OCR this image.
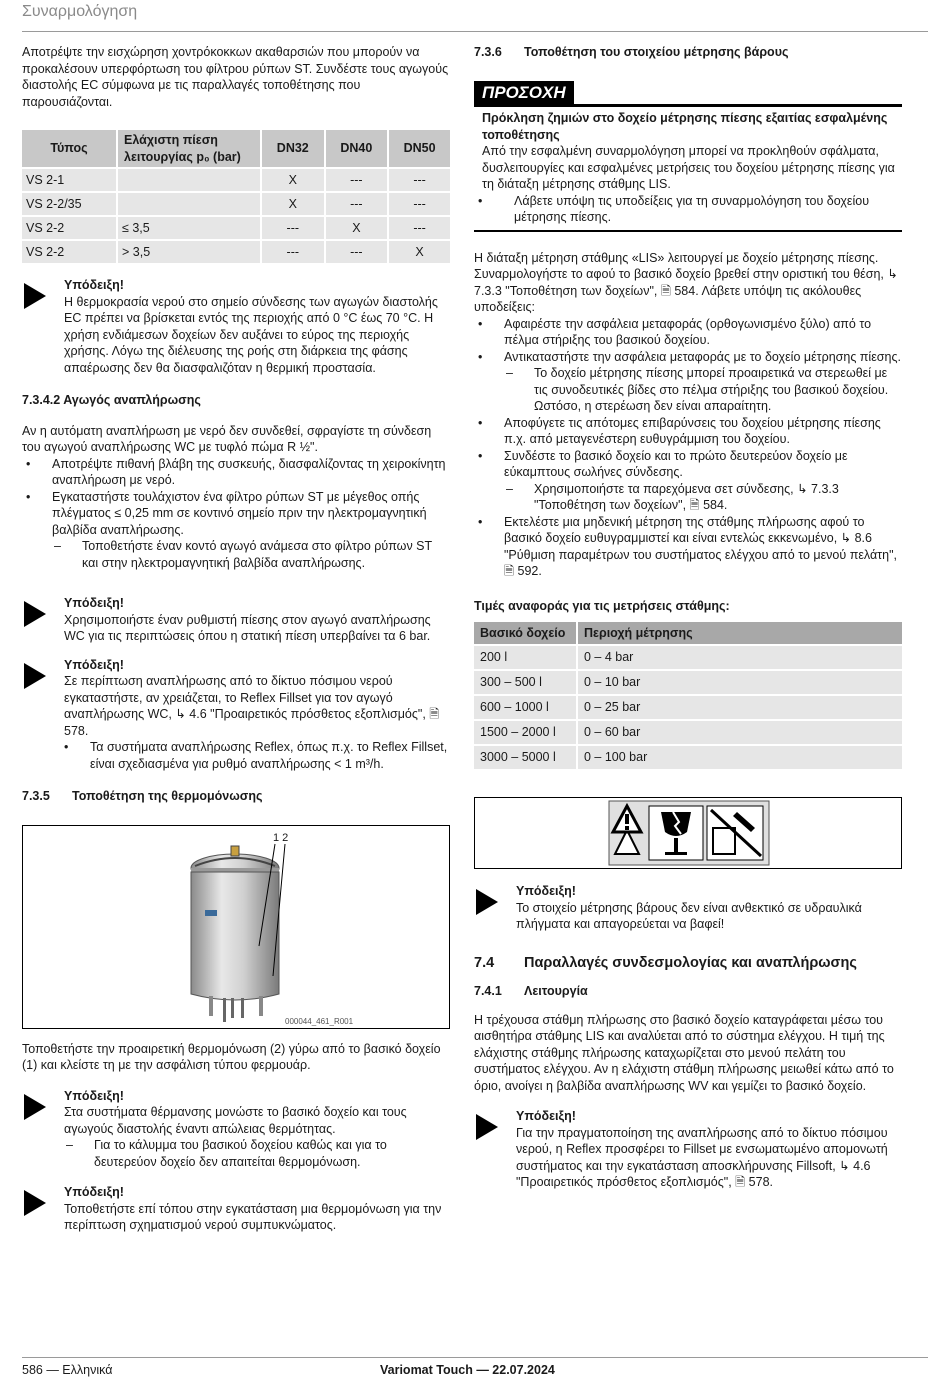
Συναρμολόγηση

Αποτρέψτε την εισχώρηση χοντρόκοκκων ακαθαρσιών που μπορούν να προκαλέσουν υπερφόρτωση του φίλτρου ρύπων ST. Συνδέστε τους αγωγούς διαστολής EC σύμφωνα με τις παραλλαγές τοποθέτησης που παρουσιάζονται.

Τύπος	Ελάχιστη πίεση λειτουργίας p₀ (bar)	DN32	DN40	DN50
VS 2-1		X	---	---
VS 2-2/35		X	---	---
VS 2-2	≤ 3,5	---	X	---
VS 2-2	> 3,5	---	---	X

Υπόδειξη!

Η θερμοκρασία νερού στο σημείο σύνδεσης των αγωγών διαστολής EC πρέπει να βρίσκεται εντός της περιοχής από 0 °C έως 70 °C. Η χρήση ενδιάμεσων δοχείων δεν αυξάνει το εύρος της περιοχής χρήσης. Λόγω της διέλευσης της ροής στη διάρκεια της φάσης απαέρωσης δεν θα διασφαλιζόταν η θερμική προστασία.

7.3.4.2 Αγωγός αναπλήρωσης

Αν η αυτόματη αναπλήρωση με νερό δεν συνδεθεί, σφραγίστε τη σύνδεση του αγωγού αναπλήρωσης WC με τυφλό πώμα R ½".

• Αποτρέψτε πιθανή βλάβη της συσκευής, διασφαλίζοντας τη χειροκίνητη αναπλήρωση με νερό.

• Εγκαταστήστε τουλάχιστον ένα φίλτρο ρύπων ST με μέγεθος οπής πλέγματος ≤ 0,25 mm σε κοντινό σημείο πριν την ηλεκτρομαγνητική βαλβίδα αναπλήρωσης.

– Τοποθετήστε έναν κοντό αγωγό ανάμεσα στο φίλτρο ρύπων ST και στην ηλεκτρομαγνητική βαλβίδα αναπλήρωσης.

Υπόδειξη!

Χρησιμοποιήστε έναν ρυθμιστή πίεσης στον αγωγό αναπλήρωσης WC για τις περιπτώσεις όπου η στατική πίεση υπερβαίνει τα 6 bar.

Υπόδειξη!

Σε περίπτωση αναπλήρωσης από το δίκτυο πόσιμου νερού εγκαταστήστε, αν χρειάζεται, το Reflex Fillset για τον αγωγό αναπλήρωσης WC, ↳ 4.6 "Προαιρετικός πρόσθετος εξοπλισμός", 🗎 578.

• Τα συστήματα αναπλήρωσης Reflex, όπως π.χ. το Reflex Fillset, είναι σχεδιασμένα για ρυθμό αναπλήρωσης < 1 m³/h.

7.3.5 Τοποθέτηση της θερμομόνωσης

1 2
000044_461_R001

Τοποθετήστε την προαιρετική θερμομόνωση (2) γύρω από το βασικό δοχείο (1) και κλείστε τη με την ασφάλιση τύπου φερμουάρ.

Υπόδειξη!

Στα συστήματα θέρμανσης μονώστε το βασικό δοχείο και τους αγωγούς διαστολής έναντι απώλειας θερμότητας.

– Για το κάλυμμα του βασικού δοχείου καθώς και για το δευτερεύον δοχείο δεν απαιτείται θερμομόνωση.

Υπόδειξη!

Τοποθετήστε επί τόπου στην εγκατάσταση μια θερμομόνωση για την περίπτωση σχηματισμού νερού συμπυκνώματος.

7.3.6 Τοποθέτηση του στοιχείου μέτρησης βάρους

ΠΡΟΣΟΧΗ

Πρόκληση ζημιών στο δοχείο μέτρησης πίεσης εξαιτίας εσφαλμένης τοποθέτησης

Από την εσφαλμένη συναρμολόγηση μπορεί να προκληθούν σφάλματα, δυσλειτουργίες και εσφαλμένες μετρήσεις του δοχείου μέτρησης πίεσης για τη διάταξη μέτρησης στάθμης LIS.

• Λάβετε υπόψη τις υποδείξεις για τη συναρμολόγηση του δοχείου μέτρησης πίεσης.

Η διάταξη μέτρηση στάθμης «LIS» λειτουργεί με δοχείο μέτρησης πίεσης. Συναρμολογήστε το αφού το βασικό δοχείο βρεθεί στην οριστική του θέση, ↳ 7.3.3 "Τοποθέτηση των δοχείων", 🗎 584. Λάβετε υπόψη τις ακόλουθες υποδείξεις:

• Αφαιρέστε την ασφάλεια μεταφοράς (ορθογωνισμένο ξύλο) από το πέλμα στήριξης του βασικού δοχείου.

• Αντικαταστήστε την ασφάλεια μεταφοράς με το δοχείο μέτρησης πίεσης.

– Το δοχείο μέτρησης πίεσης μπορεί προαιρετικά να στερεωθεί με τις συνοδευτικές βίδες στο πέλμα στήριξης του βασικού δοχείου. Ωστόσο, η στερέωση δεν είναι απαραίτητη.

• Αποφύγετε τις απότομες επιβαρύνσεις του δοχείου μέτρησης πίεσης π.χ. από μεταγενέστερη ευθυγράμμιση του δοχείου.

• Συνδέστε το βασικό δοχείο και το πρώτο δευτερεύον δοχείο με εύκαμπτους σωλήνες σύνδεσης.

– Χρησιμοποιήστε τα παρεχόμενα σετ σύνδεσης, ↳ 7.3.3 "Τοποθέτηση των δοχείων", 🗎 584.

• Εκτελέστε μια μηδενική μέτρηση της στάθμης πλήρωσης αφού το βασικό δοχείο ευθυγραμμιστεί και είναι εντελώς εκκενωμένο, ↳ 8.6 "Ρύθμιση παραμέτρων του συστήματος ελέγχου από το μενού πελάτη", 🗎 592.

Τιμές αναφοράς για τις μετρήσεις στάθμης:

Βασικό δοχείο	Περιοχή μέτρησης
200 l	0 – 4 bar
300 – 500 l	0 – 10 bar
600 – 1000 l	0 – 25 bar
1500 – 2000 l	0 – 60 bar
3000 – 5000 l	0 – 100 bar

Υπόδειξη!

Το στοιχείο μέτρησης βάρους δεν είναι ανθεκτικό σε υδραυλικά πλήγματα και απαγορεύεται να βαφεί!

7.4 Παραλλαγές συνδεσμολογίας και αναπλήρωσης

7.4.1 Λειτουργία

Η τρέχουσα στάθμη πλήρωσης στο βασικό δοχείο καταγράφεται μέσω του αισθητήρα στάθμης LIS και αναλύεται από το σύστημα ελέγχου. Η τιμή της ελάχιστης στάθμης πλήρωσης καταχωρίζεται στο μενού πελάτη του συστήματος ελέγχου. Αν η ελάχιστη στάθμη πλήρωσης μειωθεί κάτω από το όριο, ανοίγει η βαλβίδα αναπλήρωσης WV και γεμίζει το βασικό δοχείο.

Υπόδειξη!

Για την πραγματοποίηση της αναπλήρωσης από το δίκτυο πόσιμου νερού, η Reflex προσφέρει το Fillset με ενσωματωμένο απομονωτή συστήματος και την εγκατάσταση αποσκλήρυνσης Fillsoft, ↳ 4.6 "Προαιρετικός πρόσθετος εξοπλισμός", 🗎 578.

586 — Ελληνικά	Variomat Touch — 22.07.2024
